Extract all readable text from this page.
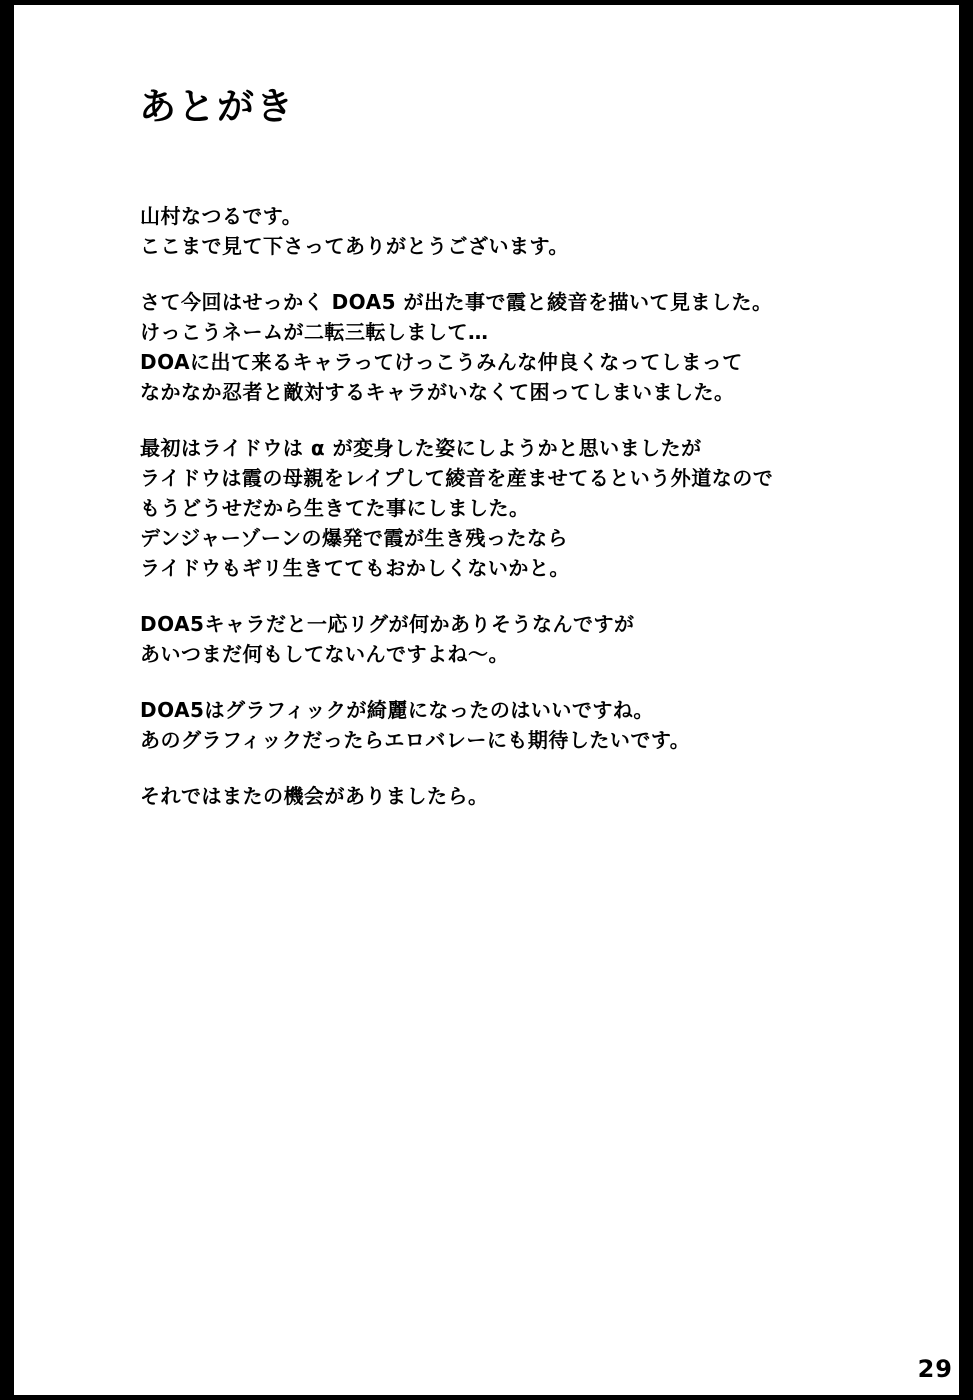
あとがき
山村なつるです。
ここまで見て下さってありがとうございます。
さて今回はせっかく DOA5 が出た事で霞と綾音を描いて見ました。
けっこうネームが二転三転しまして…
DOAに出て来るキャラってけっこうみんな仲良くなってしまって
なかなか忍者と敵対するキャラがいなくて困ってしまいました。
最初はライドウは α が変身した姿にしようかと思いましたが
ライドウは霞の母親をレイプして綾音を産ませてるという外道なので
もうどうせだから生きてた事にしました。
デンジャーゾーンの爆発で霞が生き残ったなら
ライドウもギリ生きててもおかしくないかと。
DOA5キャラだと一応リグが何かありそうなんですが
あいつまだ何もしてないんですよね〜。
DOA5はグラフィックが綺麗になったのはいいですね。
あのグラフィックだったらエロバレーにも期待したいです。
それではまたの機会がありましたら。
29
